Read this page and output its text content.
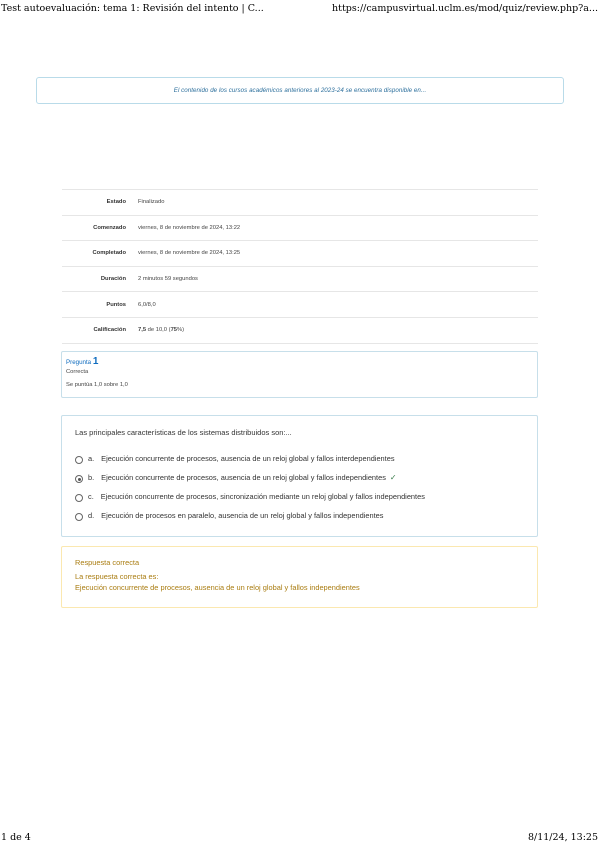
Test autoevaluación: tema 1: Revisión del intento | C...	https://campusvirtual.uclm.es/mod/quiz/review.php?a...
El contenido de los cursos académicos anteriores al 2023-24 se encuentra disponible en...
Estado	Finalizado
Comenzado	viernes, 8 de noviembre de 2024, 13:22
Completado	viernes, 8 de noviembre de 2024, 13:25
Duración	2 minutos 59 segundos
Puntos	6,0/8,0
Calificación	7,5 de 10,0 (75%)
Pregunta 1
Correcta
Se puntúa 1,0 sobre 1,0
Las principales características de los sistemas distribuidos son:...
a. Ejecución concurrente de procesos, ausencia de un reloj global y fallos interdependientes
b. Ejecución concurrente de procesos, ausencia de un reloj global y fallos independientes ✓
c. Ejecución concurrente de procesos, sincronización mediante un reloj global y fallos independientes
d. Ejecución de procesos en paralelo, ausencia de un reloj global y fallos independientes
Respuesta correcta
La respuesta correcta es:
Ejecución concurrente de procesos, ausencia de un reloj global y fallos independientes
1 de 4	8/11/24, 13:25
